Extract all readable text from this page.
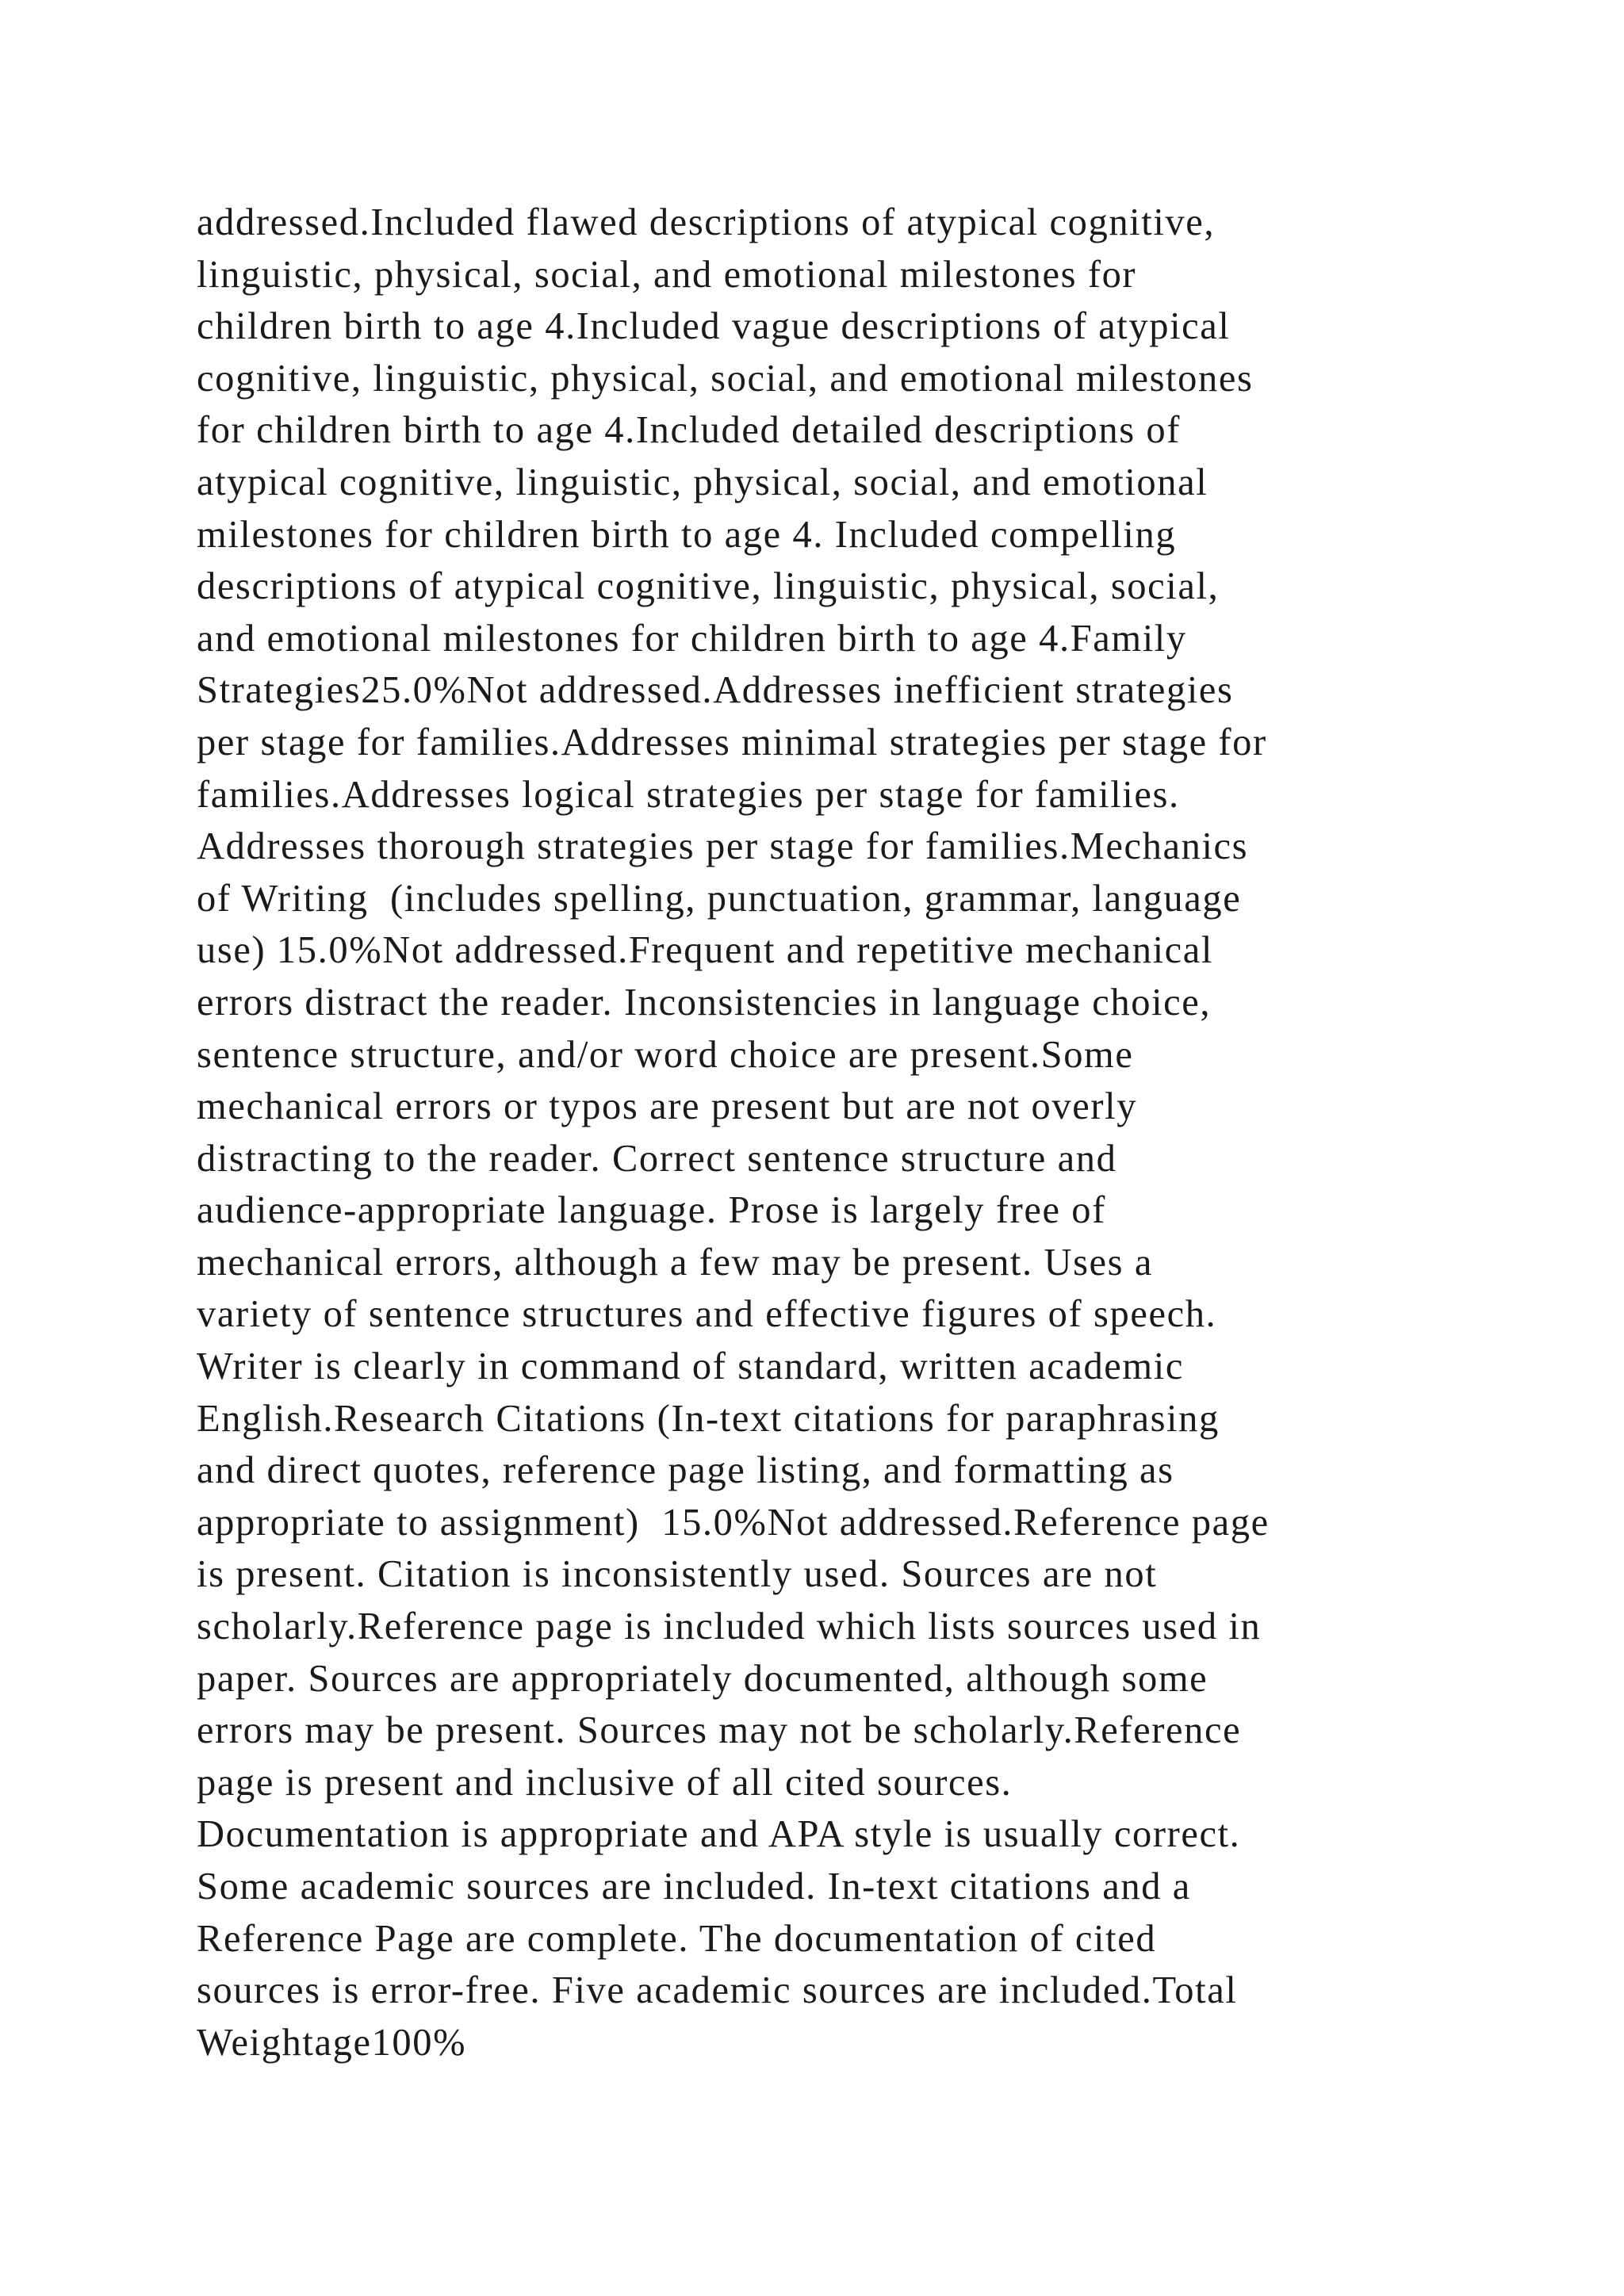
addressed.Included flawed descriptions of atypical cognitive,
linguistic, physical, social, and emotional milestones for
children birth to age 4.Included vague descriptions of atypical
cognitive, linguistic, physical, social, and emotional milestones
for children birth to age 4.Included detailed descriptions of
atypical cognitive, linguistic, physical, social, and emotional
milestones for children birth to age 4. Included compelling
descriptions of atypical cognitive, linguistic, physical, social,
and emotional milestones for children birth to age 4.Family
Strategies25.0%Not addressed.Addresses inefficient strategies
per stage for families.Addresses minimal strategies per stage for
families.Addresses logical strategies per stage for families.
Addresses thorough strategies per stage for families.Mechanics
of Writing  (includes spelling, punctuation, grammar, language
use) 15.0%Not addressed.Frequent and repetitive mechanical
errors distract the reader. Inconsistencies in language choice,
sentence structure, and/or word choice are present.Some
mechanical errors or typos are present but are not overly
distracting to the reader. Correct sentence structure and
audience-appropriate language. Prose is largely free of
mechanical errors, although a few may be present. Uses a
variety of sentence structures and effective figures of speech.
Writer is clearly in command of standard, written academic
English.Research Citations (In-text citations for paraphrasing
and direct quotes, reference page listing, and formatting as
appropriate to assignment)  15.0%Not addressed.Reference page
is present. Citation is inconsistently used. Sources are not
scholarly.Reference page is included which lists sources used in
paper. Sources are appropriately documented, although some
errors may be present. Sources may not be scholarly.Reference
page is present and inclusive of all cited sources.
Documentation is appropriate and APA style is usually correct.
Some academic sources are included. In-text citations and a
Reference Page are complete. The documentation of cited
sources is error-free. Five academic sources are included.Total
Weightage100%
